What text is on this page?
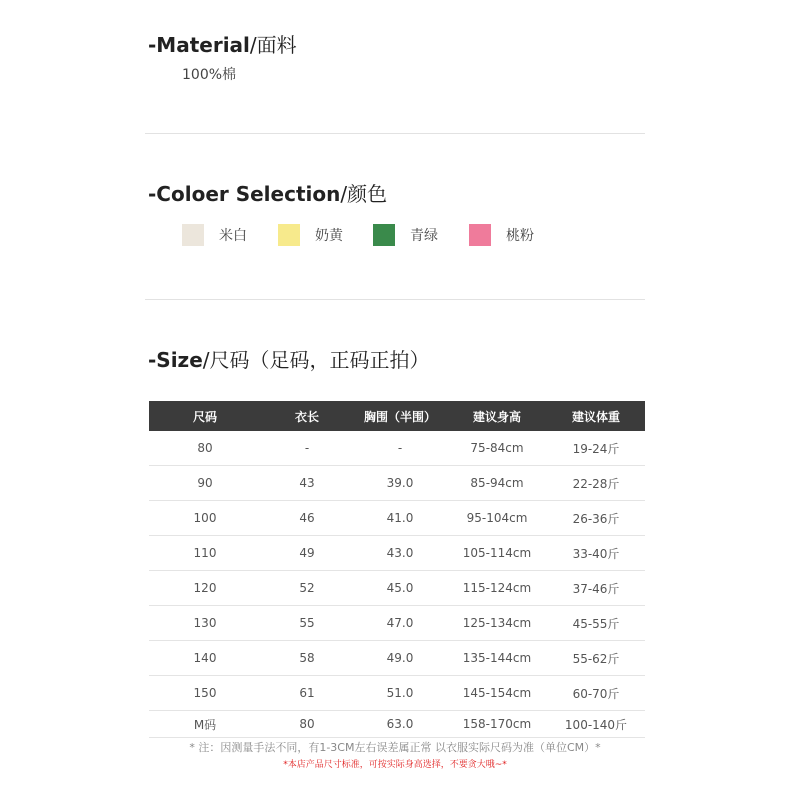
-Material/面料
100%棉
-Coloer Selection/颜色
米白	奶黄	青绿	桃粉
-Size/尺码（足码，正码正拍）
尺码	衣长	胸围（半围）	建议身高	建议体重
80	-	-	75-84cm	19-24斤
90	43	39.0	85-94cm	22-28斤
100	46	41.0	95-104cm	26-36斤
110	49	43.0	105-114cm	33-40斤
120	52	45.0	115-124cm	37-46斤
130	55	47.0	125-134cm	45-55斤
140	58	49.0	135-144cm	55-62斤
150	61	51.0	145-154cm	60-70斤
M码	80	63.0	158-170cm	100-140斤
* 注：因测量手法不同，有1-3CM左右误差属正常 以衣服实际尺码为准（单位CM）*
*本店产品尺寸标准，可按实际身高选择，不要贪大哦~*
